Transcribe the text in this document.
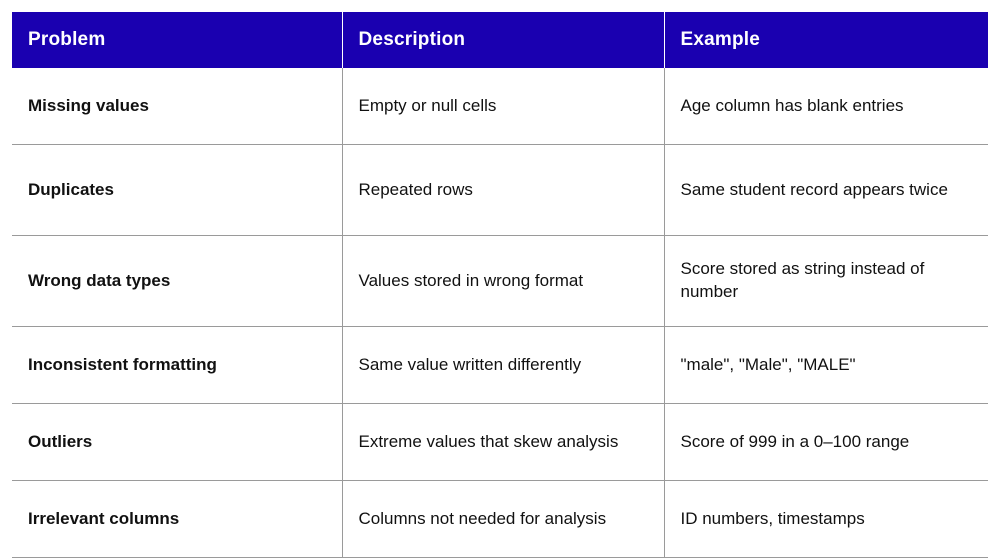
Problem	Description	Example
Missing values	Empty or null cells	Age column has blank entries
Duplicates	Repeated rows	Same student record appears twice
Wrong data types	Values stored in wrong format	Score stored as string instead of number
Inconsistent formatting	Same value written differently	"male", "Male", "MALE"
Outliers	Extreme values that skew analysis	Score of 999 in a 0–100 range
Irrelevant columns	Columns not needed for analysis	ID numbers, timestamps
